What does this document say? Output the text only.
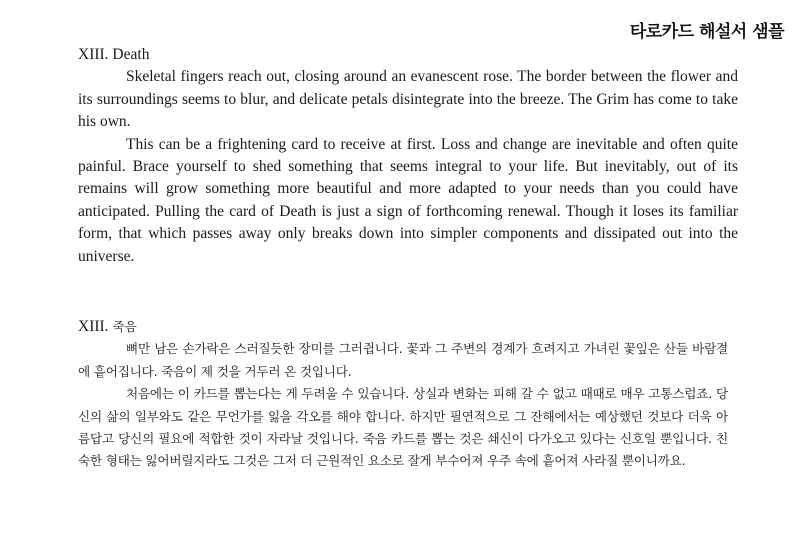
타로카드 해설서 샘플
XIII. Death

Skeletal fingers reach out, closing around an evanescent rose. The border between the flower and its surroundings seems to blur, and delicate petals disintegrate into the breeze. The Grim has come to take his own.

This can be a frightening card to receive at first. Loss and change are inevitable and often quite painful. Brace yourself to shed something that seems integral to your life. But inevitably, out of its remains will grow something more beautiful and more adapted to your needs than you could have anticipated. Pulling the card of Death is just a sign of forthcoming renewal. Though it loses its familiar form, that which passes away only breaks down into simpler components and dissipated out into the universe.

XIII. 죽음

뼈만 남은 손가락은 스러질듯한 장미를 그러쥡니다. 꽃과 그 주변의 경계가 흐려지고 가녀린 꽃잎은 산들 바람결에 흩어집니다. 죽음이 제 것을 거두러 온 것입니다.

처음에는 이 카드를 뽑는다는 게 두려울 수 있습니다. 상실과 변화는 피해 갈 수 없고 때때로 매우 고통스럽죠. 당신의 삶의 일부와도 같은 무언가를 잃을 각오를 해야 합니다. 하지만 필연적으로 그 잔해에서는 예상했던 것보다 더욱 아름답고 당신의 필요에 적합한 것이 자라날 것입니다. 죽음 카드를 뽑는 것은 쇄신이 다가오고 있다는 신호일 뿐입니다. 친숙한 형태는 잃어버릴지라도 그것은 그저 더 근원적인 요소로 잘게 부수어져 우주 속에 흩어져 사라질 뿐이니까요.
